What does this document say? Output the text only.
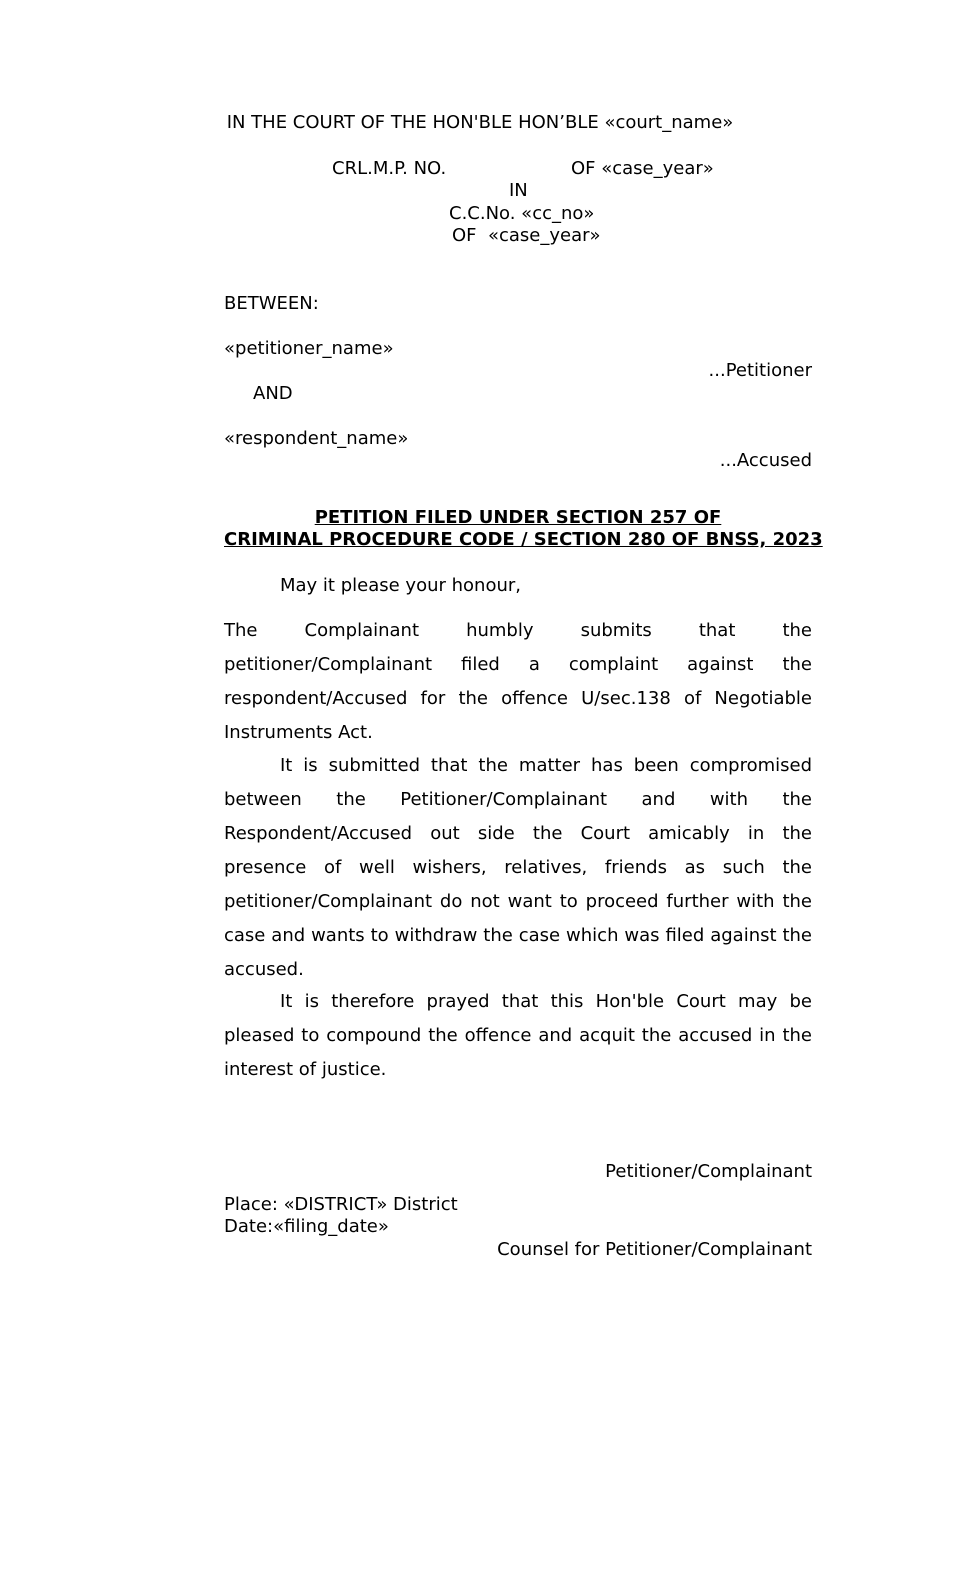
IN THE COURT OF THE HON'BLE HON’BLE «court_name»
CRL.M.P. NO.	OF «case_year»
IN
C.C.No. «cc_no»
OF  «case_year»
BETWEEN:
«petitioner_name»
...Petitioner
AND
«respondent_name»
...Accused
PETITION FILED UNDER SECTION 257 OF
CRIMINAL PROCEDURE CODE / SECTION 280 OF BNSS, 2023
May it please your honour,

The Complainant humbly submits that the petitioner/Complainant filed a complaint against the respondent/Accused for the offence U/sec.138 of Negotiable Instruments Act.

It is submitted that the matter has been compromised between the Petitioner/Complainant and with the Respondent/Accused out side the Court amicably in the presence of well wishers, relatives, friends as such the petitioner/Complainant do not want to proceed further with the case and wants to withdraw the case which was filed against the accused.

It is therefore prayed that this Hon'ble Court may be pleased to compound the offence and acquit the accused in the interest of justice.

Petitioner/Complainant
Place: «DISTRICT» District
Date:«filing_date»
Counsel for Petitioner/Complainant
